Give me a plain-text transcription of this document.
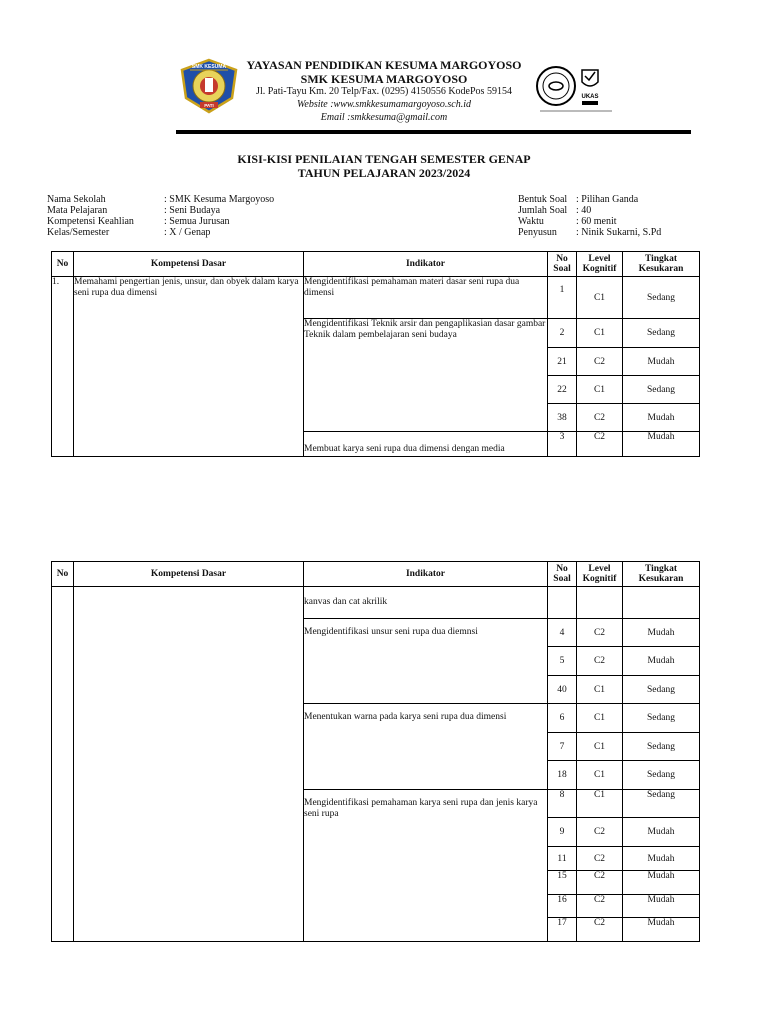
SMK KESUMA
PATI
YAYASAN PENDIDIKAN KESUMA MARGOYOSO
SMK KESUMA MARGOYOSO
Jl. Pati-Tayu Km. 20 Telp/Fax. (0295) 4150556 KodePos 59154
Website :www.smkkesumamargoyoso.sch.id
Email :smkkesuma@gmail.com
UKAS
KISI-KISI PENILAIAN TENGAH SEMESTER GENAP
TAHUN PELAJARAN 2023/2024
Nama Sekolah	: SMK Kesuma Margoyoso
Mata Pelajaran	: Seni Budaya
Kompetensi Keahlian	: Semua Jurusan
Kelas/Semester	: X / Genap
Bentuk Soal : Pilihan Ganda
Jumlah Soal : 40
Waktu	: 60 menit
Penyusun : Ninik Sukarni, S.Pd
No	Kompetensi Dasar	Indikator	No Soal	Level Kognitif	Tingkat Kesukaran
1.	Memahami pengertian jenis, unsur, dan obyek dalam karya seni rupa dua dimensi	Mengidentifikasi pemahaman materi dasar seni rupa dua dimensi	1	C1	Sedang
		Mengidentifikasi Teknik arsir dan pengaplikasian dasar gambar Teknik dalam pembelajaran seni budaya	2	C1	Sedang
			21	C2	Mudah
			22	C1	Sedang
			38	C2	Mudah
		Membuat karya seni rupa dua dimensi dengan media	3	C2	Mudah
No	Kompetensi Dasar	Indikator	No Soal	Level Kognitif	Tingkat Kesukaran
		kanvas dan cat akrilik			
		Mengidentifikasi unsur seni rupa dua diemnsi	4	C2	Mudah
			5	C2	Mudah
			40	C1	Sedang
		Menentukan warna pada karya seni rupa dua dimensi	6	C1	Sedang
			7	C1	Sedang
			18	C1	Sedang
		Mengidentifikasi pemahaman karya seni rupa dan jenis karya seni rupa	8	C1	Sedang
			9	C2	Mudah
			11	C2	Mudah
			15	C2	Mudah
			16	C2	Mudah
			17	C2	Mudah
